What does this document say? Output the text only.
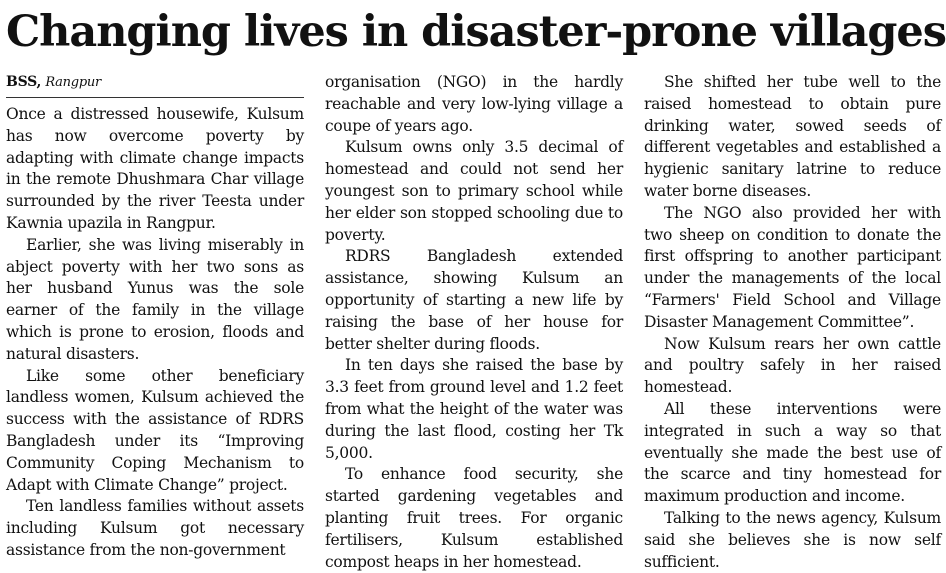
Changing lives in disaster-prone villages
BSS, Rangpur

Once a distressed housewife, Kulsum has now overcome poverty by adapting with climate change impacts in the remote Dhushmara Char village surrounded by the river Teesta under Kawnia upazila in Rangpur.

Earlier, she was living miserably in abject poverty with her two sons as her husband Yunus was the sole earner of the family in the village which is prone to erosion, floods and natural disasters.

Like some other beneficiary landless women, Kulsum achieved the success with the assistance of RDRS Bangladesh under its “Improving Community Coping Mechanism to Adapt with Climate Change” project.

Ten landless families without assets including Kulsum got necessary assistance from the non-government

organisation (NGO) in the hardly reachable and very low-lying village a coupe of years ago.

Kulsum owns only 3.5 decimal of homestead and could not send her youngest son to primary school while her elder son stopped schooling due to poverty.

RDRS Bangladesh extended assistance, showing Kulsum an opportunity of starting a new life by raising the base of her house for better shelter during floods.

In ten days she raised the base by 3.3 feet from ground level and 1.2 feet from what the height of the water was during the last flood, costing her Tk 5,000.

To enhance food security, she started gardening vegetables and planting fruit trees. For organic fertilisers, Kulsum established compost heaps in her homestead.

She shifted her tube well to the raised homestead to obtain pure drinking water, sowed seeds of different vegetables and established a hygienic sanitary latrine to reduce water borne diseases.

The NGO also provided her with two sheep on condition to donate the first offspring to another participant under the managements of the local “Farmers' Field School and Village Disaster Management Committee”.

Now Kulsum rears her own cattle and poultry safely in her raised homestead.

All these interventions were integrated in such a way so that eventually she made the best use of the scarce and tiny homestead for maximum production and income.

Talking to the news agency, Kulsum said she believes she is now self sufficient.
